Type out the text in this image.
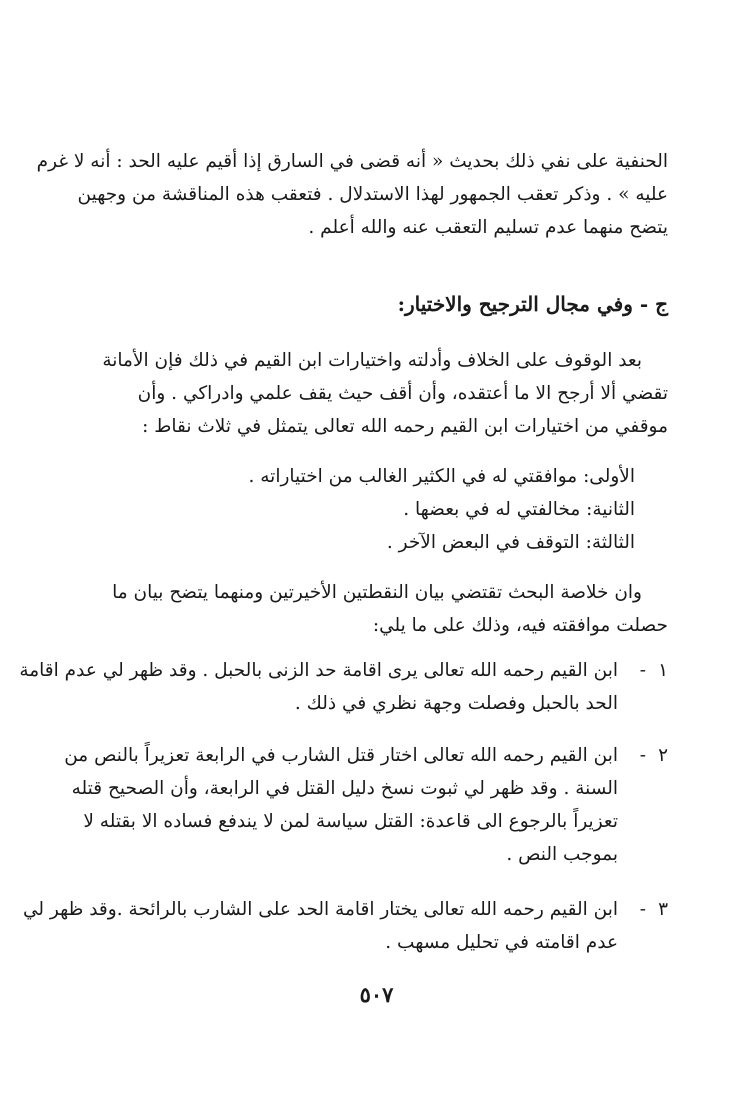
الحنفية على نفي ذلك بحديث « أنه قضى في السارق إذا أقيم عليه الحد : أنه لا غرم
عليه » . وذكر تعقب الجمهور لهذا الاستدلال . فتعقب هذه المناقشة من وجهين
يتضح منهما عدم تسليم التعقب عنه والله أعلم .
ج - وفي مجال الترجيح والاختيار:
بعد الوقوف على الخلاف وأدلته واختيارات ابن القيم في ذلك فإن الأمانة
تقضي ألا أرجح الا ما أعتقده، وأن أقف حيث يقف علمي وادراكي . وأن
موقفي من اختيارات ابن القيم رحمه الله تعالى يتمثل في ثلاث نقاط :
الأولى: موافقتي له في الكثير الغالب من اختياراته .
الثانية: مخالفتي له في بعضها .
الثالثة: التوقف في البعض الآخر .
وان خلاصة البحث تقتضي بيان النقطتين الأخيرتين ومنهما يتضح بيان ما
حصلت موافقته فيه، وذلك على ما يلي:
١
-
ابن القيم رحمه الله تعالى يرى اقامة حد الزنى بالحبل . وقد ظهر لي عدم اقامة
الحد بالحبل وفصلت وجهة نظري في ذلك .
٢
-
ابن القيم رحمه الله تعالى اختار قتل الشارب في الرابعة تعزيراً بالنص من
السنة . وقد ظهر لي ثبوت نسخ دليل القتل في الرابعة، وأن الصحيح قتله
تعزيراً بالرجوع الى قاعدة: القتل سياسة لمن لا يندفع فساده الا بقتله لا
بموجب النص .
٣
-
ابن القيم رحمه الله تعالى يختار اقامة الحد على الشارب بالرائحة .وقد ظهر لي
عدم اقامته في تحليل مسهب .
٥٠٧
